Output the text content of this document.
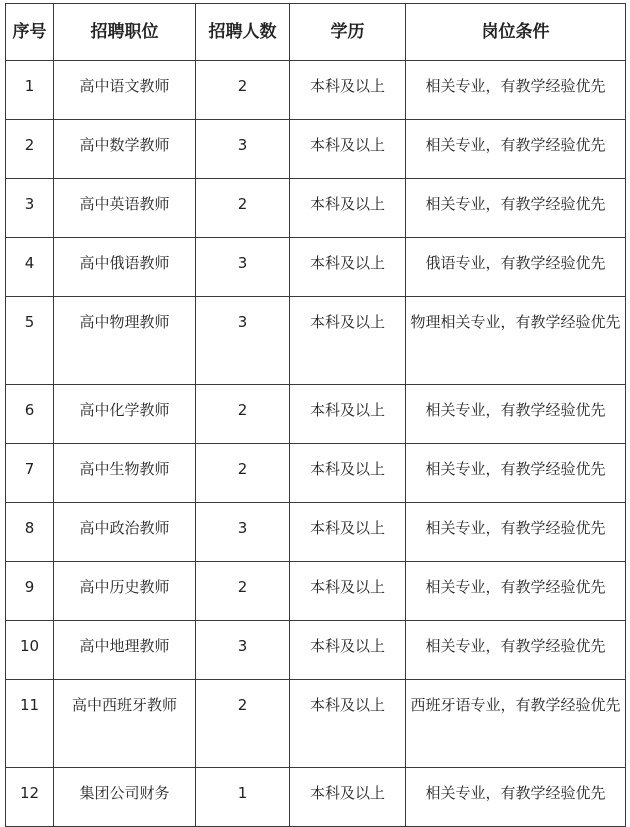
序号	招聘职位	招聘人数	学历	岗位条件
1	高中语文教师	2	本科及以上	相关专业，有教学经验优先
2	高中数学教师	3	本科及以上	相关专业，有教学经验优先
3	高中英语教师	2	本科及以上	相关专业，有教学经验优先
4	高中俄语教师	3	本科及以上	俄语专业，有教学经验优先
5	高中物理教师	3	本科及以上	物理相关专业，有教学经验优先
6	高中化学教师	2	本科及以上	相关专业，有教学经验优先
7	高中生物教师	2	本科及以上	相关专业，有教学经验优先
8	高中政治教师	3	本科及以上	相关专业，有教学经验优先
9	高中历史教师	2	本科及以上	相关专业，有教学经验优先
10	高中地理教师	3	本科及以上	相关专业，有教学经验优先
11	高中西班牙教师	2	本科及以上	西班牙语专业，有教学经验优先
12	集团公司财务	1	本科及以上	相关专业，有教学经验优先
